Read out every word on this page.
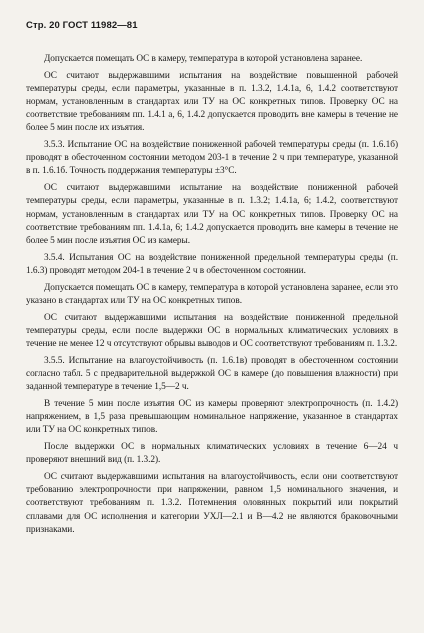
Стр. 20 ГОСТ 11982—81

Допускается помещать ОС в камеру, температура в которой установлена заранее.

ОС считают выдержавшими испытания на воздействие повышенной рабочей температуры среды, если параметры, указанные в п. 1.3.2, 1.4.1а, 6, 1.4.2 соответствуют нормам, установленным в стандартах или ТУ на ОС конкретных типов. Проверку ОС на соответствие требованиям пп. 1.4.1 а, 6, 1.4.2 допускается проводить вне камеры в течение не более 5 мин после их изъятия.

3.5.3. Испытание ОС на воздействие пониженной рабочей температуры среды (п. 1.6.1б) проводят в обесточенном состоянии методом 203-1 в течение 2 ч при температуре, указанной в п. 1.6.1б. Точность поддержания температуры ±3°С.

ОС считают выдержавшими испытание на воздействие пониженной рабочей температуры среды, если параметры, указанные в п. 1.3.2; 1.4.1а, 6; 1.4.2, соответствуют нормам, установленным в стандартах или ТУ на ОС конкретных типов. Проверку ОС на соответствие требованиям пп. 1.4.1а, 6; 1.4.2 допускается проводить вне камеры в течение не более 5 мин после изъятия ОС из камеры.

3.5.4. Испытания ОС на воздействие пониженной предельной температуры среды (п. 1.6.3) проводят методом 204-1 в течение 2 ч в обесточенном состоянии.

Допускается помещать ОС в камеру, температура в которой установлена заранее, если это указано в стандартах или ТУ на ОС конкретных типов.

ОС считают выдержавшими испытания на воздействие пониженной предельной температуры среды, если после выдержки ОС в нормальных климатических условиях в течение не менее 12 ч отсутствуют обрывы выводов и ОС соответствуют требованиям п. 1.3.2.

3.5.5. Испытание на влагоустойчивость (п. 1.6.1в) проводят в обесточенном состоянии согласно табл. 5 с предварительной выдержкой ОС в камере (до повышения влажности) при заданной температуре в течение 1,5—2 ч.

В течение 5 мин после изъятия ОС из камеры проверяют электропрочность (п. 1.4.2) напряжением, в 1,5 раза превышающим номинальное напряжение, указанное в стандартах или ТУ на ОС конкретных типов.

После выдержки ОС в нормальных климатических условиях в течение 6—24 ч проверяют внешний вид (п. 1.3.2).

ОС считают выдержавшими испытания на влагоустойчивость, если они соответствуют требованию электропрочности при напряжении, равном 1,5 номинального значения, и соответствуют требованиям п. 1.3.2. Потемнения оловянных покрытий или покрытий сплавами для ОС исполнения и категории УХЛ—2.1 и В—4.2 не являются браковочными признаками.
